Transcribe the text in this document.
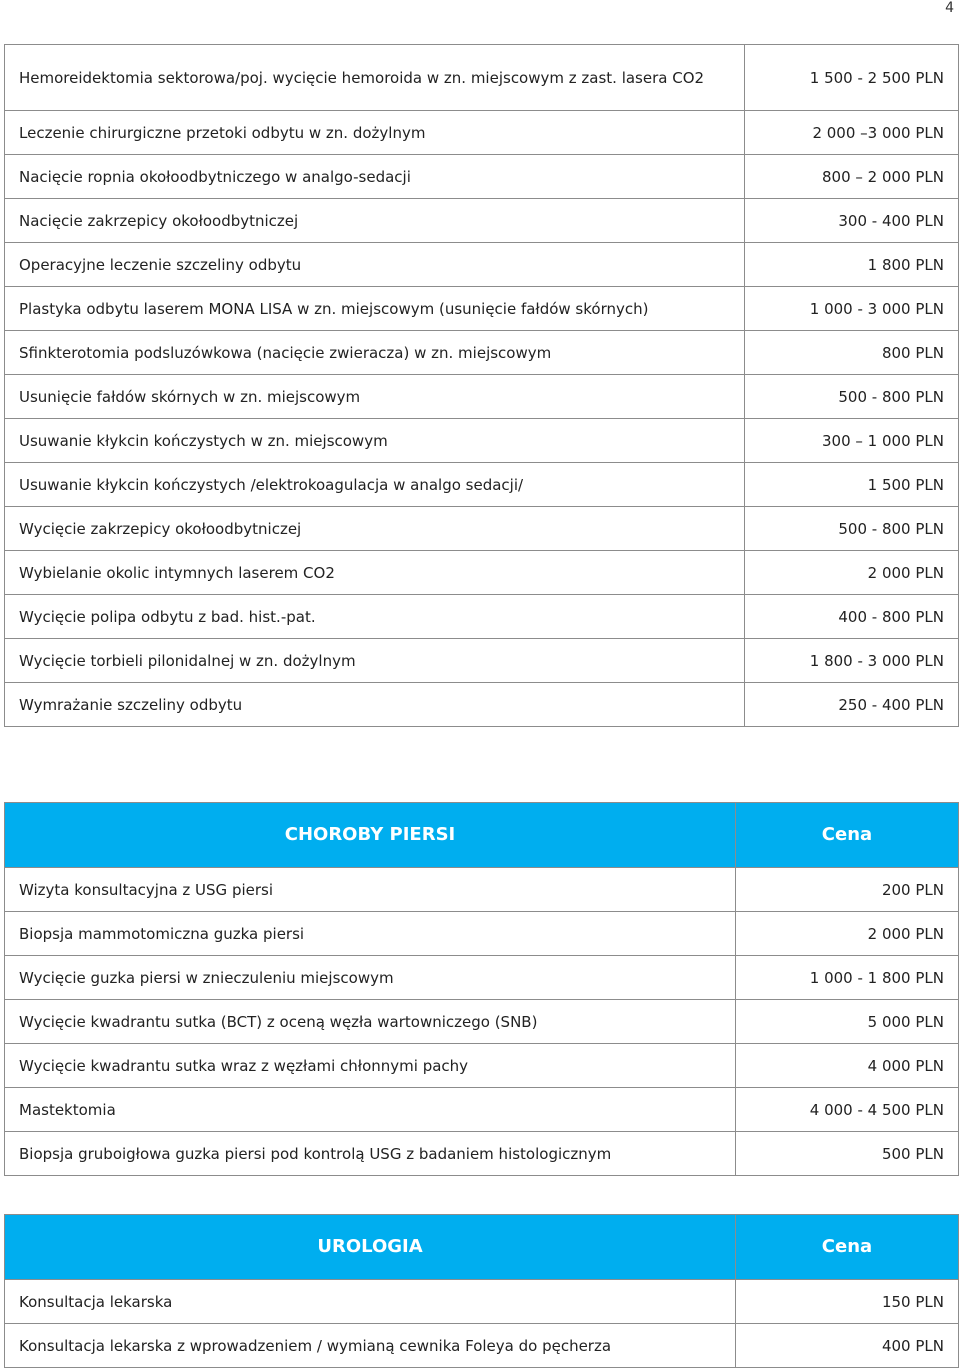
4
Hemoreidektomia sektorowa/poj. wycięcie hemoroida w zn. miejscowym z zast. lasera CO2	1 500 - 2 500 PLN
Leczenie chirurgiczne przetoki odbytu w zn. dożylnym	2 000 –3 000 PLN
Nacięcie ropnia okołoodbytniczego w analgo-sedacji	800 – 2 000 PLN
Nacięcie zakrzepicy okołoodbytniczej	300 - 400 PLN
Operacyjne leczenie szczeliny odbytu	1 800 PLN
Plastyka odbytu laserem MONA LISA w zn. miejscowym (usunięcie fałdów skórnych)	1 000 - 3 000 PLN
Sfinkterotomia podsluzówkowa (nacięcie zwieracza) w zn. miejscowym	800 PLN
Usunięcie fałdów skórnych w zn. miejscowym	500 - 800 PLN
Usuwanie kłykcin kończystych w zn. miejscowym	300 – 1 000 PLN
Usuwanie kłykcin kończystych /elektrokoagulacja w analgo sedacji/	1 500 PLN
Wycięcie zakrzepicy okołoodbytniczej	500 - 800 PLN
Wybielanie okolic intymnych laserem CO2	2 000 PLN
Wycięcie polipa odbytu z bad. hist.-pat.	400 - 800 PLN
Wycięcie torbieli pilonidalnej w zn. dożylnym	1 800 - 3 000 PLN
Wymrażanie szczeliny odbytu	250 - 400 PLN
CHOROBY PIERSI	Cena
Wizyta konsultacyjna z USG piersi	200 PLN
Biopsja mammotomiczna guzka piersi	2 000 PLN
Wycięcie guzka piersi w znieczuleniu miejscowym	1 000 - 1 800 PLN
Wycięcie kwadrantu sutka (BCT) z oceną węzła wartowniczego (SNB)	5 000 PLN
Wycięcie kwadrantu sutka wraz z węzłami chłonnymi pachy	4 000 PLN
Mastektomia	4 000 - 4 500 PLN
Biopsja gruboigłowa guzka piersi pod kontrolą USG z badaniem histologicznym	500 PLN
UROLOGIA	Cena
Konsultacja lekarska	150 PLN
Konsultacja lekarska z wprowadzeniem / wymianą cewnika Foleya do pęcherza	400 PLN
